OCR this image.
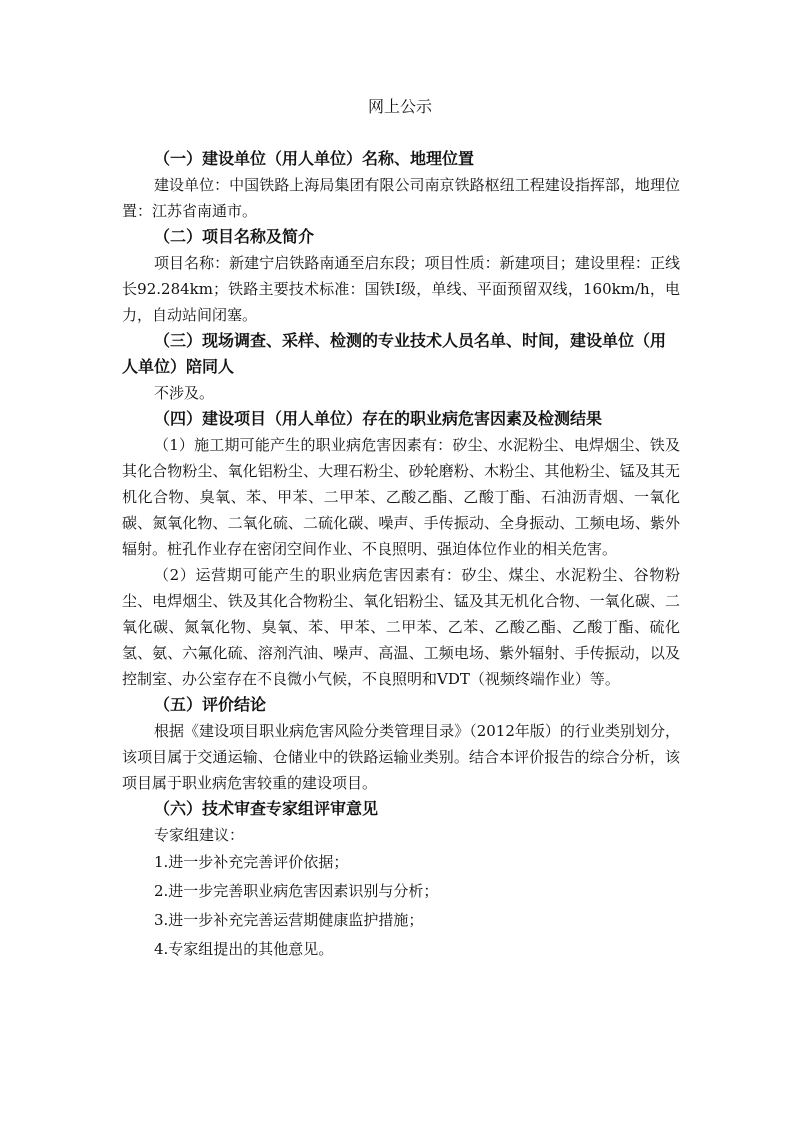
网上公示

（一）建设单位（用人单位）名称、地理位置

建设单位：中国铁路上海局集团有限公司南京铁路枢纽工程建设指挥部，地理位置：江苏省南通市。

（二）项目名称及简介

项目名称：新建宁启铁路南通至启东段；项目性质：新建项目；建设里程：正线长92.284km；铁路主要技术标准：国铁Ⅰ级，单线、平面预留双线，160km/h，电力，自动站间闭塞。

（三）现场调查、采样、检测的专业技术人员名单、时间，建设单位（用人单位）陪同人

不涉及。

（四）建设项目（用人单位）存在的职业病危害因素及检测结果

（1）施工期可能产生的职业病危害因素有：矽尘、水泥粉尘、电焊烟尘、铁及其化合物粉尘、氧化铝粉尘、大理石粉尘、砂轮磨粉、木粉尘、其他粉尘、锰及其无机化合物、臭氧、苯、甲苯、二甲苯、乙酸乙酯、乙酸丁酯、石油沥青烟、一氧化碳、氮氧化物、二氧化硫、二硫化碳、噪声、手传振动、全身振动、工频电场、紫外辐射。桩孔作业存在密闭空间作业、不良照明、强迫体位作业的相关危害。

（2）运营期可能产生的职业病危害因素有：矽尘、煤尘、水泥粉尘、谷物粉尘、电焊烟尘、铁及其化合物粉尘、氧化铝粉尘、锰及其无机化合物、一氧化碳、二氧化碳、氮氧化物、臭氧、苯、甲苯、二甲苯、乙苯、乙酸乙酯、乙酸丁酯、硫化氢、氨、六氟化硫、溶剂汽油、噪声、高温、工频电场、紫外辐射、手传振动，以及控制室、办公室存在不良微小气候，不良照明和VDT（视频终端作业）等。

（五）评价结论

根据《建设项目职业病危害风险分类管理目录》（2012年版）的行业类别划分，该项目属于交通运输、仓储业中的铁路运输业类别。结合本评价报告的综合分析，该项目属于职业病危害较重的建设项目。

（六）技术审查专家组评审意见

专家组建议：

1.进一步补充完善评价依据；

2.进一步完善职业病危害因素识别与分析；

3.进一步补充完善运营期健康监护措施；

4.专家组提出的其他意见。
